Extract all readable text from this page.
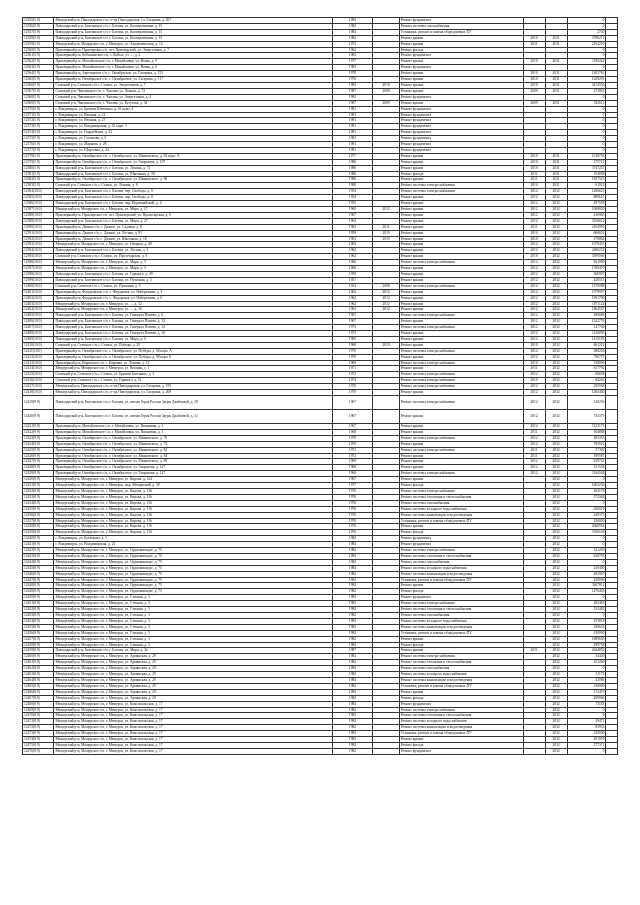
12355(5.9)	Мещерский р-н, Павлодарское с/п, ст-ца Павлодарская, ул. Гагарина, д. 207	1982		Ремонт фундамента			0	
12356(5.9)	Павлодарский р-н, Бахтинское с/п, г. Бахтин, ул. Кооперативная, д. 15	1982		Ремонт системы газоснабжения			0	
12357(5.9)	Павлодарский р-н, Бахтинское с/п, г. Бахтин, ул. Кооперативная, д. 15	1982		Установка, ремонт и замена общедомовых ПУ			2740	
12358(5.9)	Павлодарский р-н, Бахтинское с/п, г. Бахтин, ул. Кооперативная, д. 15	1982		Ремонт крыши	2010	2031	3786271	
12359(5.9)	Мещерский р-н, Мещерское с/п, г. Мещерск, ул. Академическая, д. 14	1972		Ремонт крыши	2011	2031	2164210	
12360(5.9)	Приозерный р-н, Приозерское с/п, пгт. Приозерский, ул. Энергетиков, д. 7	1962		Ремонт фасада			0	
12361(5.9)	Приозерный р-н, Кобылинское с/п, с. Кобыл, ул. ..., д. 2	1982		Ремонт фундамента			0	
12362(5.9)	Приозерный р-н, Михайловское с/п, г. Михайловка, ул. Новая, д. 9	1977		Ремонт крыши	2010	2031	1190224	
12363(5.9)	Приозерный р-н, Михайловское с/п, г. Михайловка, ул. Новая, д. 6	1983		Ремонт фундамента			0	
12364(5.9)	Приозерный р-н, Заречинское с/п, с. Октябрьское, ул. Гагарина, д. 115	1978		Ремонт крыши	2010	2031	1403763	
12365(5.9)	Приозерный р-н, Октябрьское с/п, с. Октябрьское, ул. Гагарина, д. 117	1976		Ремонт крыши	2010	2031	1429291	
12366(5.9)	Ставский р-н, Ставское с/п, г. Ставск, ул. Энергетиков, д. 7	1982	2010	Ремонт крыши	2010	2031	3412556	
12367(5.9)	Ставский р-н, Чаплинское с/п, с. Чаплин, ул. Ленина, д. 72	1987	2009	Ремонт крыши	2009	2031	273861	
12368(5.9)	Ставский р-н, Чаплинское с/п, с. Чаплин, ул. Энергетиков, д. 4	1982		Ремонт фундамента			0	
12369(5.9)	Ставский р-н, Чаплинское с/п, с. Чаплин, ул. Кутузова, д. 34	1987	2009	Ремонт крыши	2009	2031	523611	
12370(5.9)	г. Владимирск, ул. Братьев Шевченко, д. 61 корп. 4	1981		Ремонт фундамента			0	
12371(5.9)	г. Владимирск, ул. Вешняя, д. 22	1981		Ремонт фундамента			0	
12372(5.9)	г. Владимирск, ул. Вешняя, д. 27	1981		Ремонт фундамента			0	
12373(5.9)	г. Владимирск, ул. Владимирская, д. 43 корп. 1	1981		Ремонт фундамента			0	
12374(5.9)	г. Владимирск, ул. Гвардейская, д. 43	1981		Ремонт фундамента			0	
12375(5.9)	г. Владимирск, ул. Глушкова, д. 5	1981		Ремонт фундамента			0	
12376(5.9)	г. Владимирск, ул. Маркова, д. 28	1981		Ремонт фундамента			0	
12377(5.9)	г. Владимирск, ул. Щорсовая, д. 24	1981		Ремонт фундамента			0	
12378(5.9)	Приозерный р-н, Октябрьское с/п, с. Октябрьское, ул. Маяковского, д. 92 корп. А	1977		Ремонт крыши	2010	2031	1518754	
12379(5.9)	Приозерный р-н, Октябрьское с/п, с. Октябрьское, ул. Гаврилова, д. 107	1986		Ремонт крыши	2010	2031	275721	
12380(5.9)	Павлодарский р-н, Бахтинское с/п, г. Бахтин, ул. Ленина, д. 72	1980		Ремонт крыши	2010	2031	3747237	
12381(5.9)	Павлодарский р-н, Бахтинское с/п, г. Бахтин, ул. Школьная, д. 39	1986		Ремонт фасада	2011	2031	354898	
12382(5.9)	Приозерный р-н, Октябрьское с/п, с. Октябрьское, ул. Маяковского, д. 98	1986		Ремонт крыши	2011	2031	1857523	
12383(5.9)	Ставский р-н, Ставское с/п, г. Ставск, ул. Ленина, д. 8	1980		Ремонт системы электроснабжения	2010	2031	61923	
12384(10.0)	Павлодарский р-н, Бахтинское с/п, г. Бахтин, пер. Свободы, д. 9	1954		Ремонт системы электроснабжения	2012	2032	1286623	
12385(10.0)	Павлодарский р-н, Бахтинское с/п, г. Бахтин, пер. Свободы, д. 8	1954		Ремонт крыши	2012	2032	889657	
12386(10.0)	Павлодарский р-н, Бахтинское с/п, г. Бахтин, пер. Первомайский, д. 4	1955		Ремонт крыши	2012	2032	497558	
12387(10.0)	Мещерский р-н, Мещерское с/п, г. Мещерск, ул. Мира, д. 17	1960	2012	Ремонт крыши	2012	2032	1069820	
12388(10.0)	Приозерный р-н, Приозерское с/п, пгт. Приозерский, ул. Пролетарская, д. 9	1967		Ремонт крыши	2012	2032	416963	
12389(10.0)	Павлодарский р-н, Бахтинское с/п, г. Бахтин, ул. Мира, д. 27	1962		Ремонт крыши	2012	2032	3256612	
12390(10.0)	Приозерный р-н, Дачное с/п, с. Дачное, ул. Садовая, д. 8	1963	2011	Ремонт крыши	2011	2032	2164991	
12391(10.0)	Приозерный р-н, Дачное с/п, с. Дачное, ул. Лесная, д. 81	1959	2010	Ремонт крыши	2010	2032	666651	
12392(10.0)	Приозерный р-н, Дачное с/п, с. Дачное, ул. Школьная, д. 18	1961	2010	Ремонт крыши	2010	2032	278864	
12393(10.0)	Мещерский р-н, Мещерское с/п, г. Мещерск, ул. Озерная, д. 48	1963		Ремонт крыши	2012	2032	1079431	
12394(10.0)	Павлодарский р-н, Бахтинское с/п, г. Бахтин, ул. Лесная, д. 2	1962		Ремонт крыши	2012	2032	2480232	
12395(10.0)	Ставский р-н, Ставское с/п, г. Ставск, ул. Пролетарская, д. 9	1962		Ремонт крыши	2010	2032	3599566	
12396(10.0)	Мещерский р-н, Мещерское с/п, г. Мещерск, ул. Мира, д. 3	1960		Ремонт системы электроснабжения	2012	2032	261980	
12397(10.0)	Мещерский р-н, Мещерское с/п, г. Мещерск, ул. Мира, д. 3	1960		Ремонт крыши	2012	2032	1788470	
12398(10.0)	Павлодарский р-н, Бахтинское с/п, г. Бахтин, ул. Горького, д. 49	1958		Ремонт крыши	2012	2032	366997	
12399(10.0)	Павлодарский р-н, Бахтинское с/п, г. Бахтин, ул. Пушкина, д. 3	1957		Ремонт крыши	2012	2032	426515	
12400(10.0)	Ставский р-н, Ставское с/п, г. Ставск, ул. Пушкина, д. 5	1954	2008	Ремонт системы электроснабжения	2012	2032	1570088	
12401(10.0)	Приозерный р-н, Федоровское с/п, с. Федоровка, ул. Набережная, д. 4	1962	2012	Ремонт крыши	2012	2032	1079907	
12402(10.0)	Приозерный р-н, Федоровское с/п, с. Федоровка, ул. Набережная, д. 6	1962	2012	Ремонт крыши	2012	2032	1991790	
12403(10.0)	Мещерский р-н, Мещерское с/п, г. Мещерск, ул. ..., д. 12	1962	2012	Ремонт крыши	2012	2032	1871124	
12404(10.0)	Мещерский р-н, Мещерское с/п, г. Мещерск, ул. ..., д. 16	1962	2012	Ремонт крыши	2012	2032	1864507	
12405(10.0)	Павлодарский р-н, Бахтинское с/п, г. Бахтин, ул. Генерала Плиева, д. 6	1967		Ремонт системы электроснабжения	2012	2032	280686	
12406(10.0)	Павлодарский р-н, Бахтинское с/п, г. Бахтин, ул. Генерала Плиева, д. 12	1967		Ремонт крыши	2012	2032	1522776	
12407(10.0)	Павлодарский р-н, Бахтинское с/п, г. Бахтин, ул. Генерала Плиева, д. 14	1973		Ремонт системы электроснабжения	2012	2032	147746	
12408(10.0)	Павлодарский р-н, Бахтинское с/п, г. Бахтин, ул. Генерала Плиева, д. 16	1973		Ремонт крыши	2012	2032	1126095	
12409(10.0)	Павлодарский р-н, Бахтинское с/п, г. Бахтин, ул. Мира, д. 6	1965		Ремонт крыши	2012	2032	1415195	
12410(10.0)	Ставский р-н, Ставское с/п, г. Ставск, ул. Победы, д. 35	1968	2010	Ремонт крыши	2010	2032	661222	
12411(10.0)	Приозерный р-н, Октябрьское с/п, с. Октябрьское, ул. Победы, д. 98 корп. А	1970		Ремонт системы электроснабжения	2012	2032	388236	
12412(10.0)	Приозерный р-н, Октябрьское с/п, с. Октябрьское, ул. Победы, д. 98 корп. Б	1970		Ремонт крыши	2012	2032	796775	
12413(10.0)	Приозерный р-н, Кировское с/п, с. Кировка, ул. Ленина, д. 12	1968		Ремонт системы электроснабжения	2010	2032	518006	
12414(10.0)	Мещерский р-н, Мещерское с/п, г. Мещерск, ул. Вешняя, д. 1	1971		Ремонт крыши	2011	2032	617792	
12415(10.0)	Ставский р-н, Ставское с/п, г. Ставск, ул. Братьев Бахтиных, д. 3	1972		Ремонт системы электроснабжения	2012	2032	96838	
12416(10.0)	Ставский р-н, Ставское с/п, г. Ставск, ул. Горького, д. 51	1974		Ремонт системы электроснабжения	2010	2032	84242	
12417(10.0)	Мещерский р-н, Павлодарское с/п, ст-ца Павлодарская, ул. Гагарина, д. 195	1970		Ремонт системы электроснабжения	2012	2032	250568	
12418(10.0)	Мещерский р-н, Павлодарское с/п, ст-ца Павлодарская, ул. Гагарина, д. 208	1970		Ремонт крыши	2012	2032	1265460	
12419(9.9)	Павлодарский р-н, Бахтинское с/п, г. Бахтин, ул. имени Героя России Зауры Джабаевой, д. 29	1967		Ремонт системы электроснабжения	2012	2032	140256	
12420(9.9)	Павлодарский р-н, Бахтинское с/п, г. Бахтин, ул. имени Героя России Зауры Джабаевой, д. 31	1967		Ремонт крыши	2012	2032	754379	
12421(9.9)	Приозерный р-н, Михайловское с/п, г. Михайловка, ул. Вишневая, д. 2	1967		Ремонт крыши	2012	2032	1123173	
12422(9.9)	Приозерный р-н, Михайловское с/п, г. Михайловка, ул. Вишневая, д. 3	1968		Ремонт крыши	2011	2032	564888	
12423(9.9)	Приозерный р-н, Октябрьское с/п, с. Октябрьское, ул. Маяковского, д. 70	1970		Ремонт системы электроснабжения	2012	2032	492353	
12424(9.9)	Приозерный р-н, Октябрьское с/п, с. Октябрьское, ул. Маяковского, д. 72	1970		Ремонт крыши	2012	2032	782022	
12425(9.9)	Приозерный р-н, Октябрьское с/п, с. Октябрьское, ул. Маяковского, д. 82	1972		Ремонт системы электроснабжения	2011	2032	57302	
12426(9.9)	Приозерный р-н, Октябрьское с/п, с. Октябрьское, ул. Маяковского, д. 84	1972		Ремонт крыши	2011	2032	399587	
12427(9.9)	Приозерный р-н, Октябрьское с/п, с. Октябрьское, ул. Маяковского, д. 85	1969		Ремонт крыши	2012	2032	259741	
12428(9.9)	Приозерный р-н, Октябрьское с/п, с. Октябрьское, ул. Гаврилова, д. 127	1968		Ремонт крыши	2012	2032	131534	
12429(9.9)	Приозерный р-н, Октябрьское с/п, с. Октябрьское, ул. Гаврилова, д. 127	1968		Ремонт системы электроснабжения	2012	2032	1164548	
12430(8.9)	Мещерский р-н, Мещерское с/п, г. Мещерск, ул. Кирова, д. 124	1967		Ремонт крыши		2032	0	
12431(8.9)	Мещерский р-н, Мещерское с/п, г. Мещерск, мкр. Мещерский, д. 38	1977		Ремонт фасада		2032	1663236	
12432(8.9)	Мещерский р-н, Мещерское с/п, г. Мещерск, ул. Кирова, д. 116	1976		Ремонт системы электроснабжения		2032	262178	
12433(8.9)	Мещерский р-н, Мещерское с/п, г. Мещерск, ул. Кирова, д. 116	1976		Ремонт системы отопления и теплоснабжения		2032	572348	
12434(8.9)	Мещерский р-н, Мещерское с/п, г. Мещерск, ул. Кирова, д. 116	1976		Ремонт системы газоснабжения		2032	0	
12435(8.9)	Мещерский р-н, Мещерское с/п, г. Мещерск, ул. Кирова, д. 116	1976		Ремонт системы холодного водоснабжения		2032	266519	
12436(8.9)	Мещерский р-н, Мещерское с/п, г. Мещерск, ул. Кирова, д. 116	1976		Ремонт системы канализации и водоотведения		2032	249375	
12437(8.9)	Мещерский р-н, Мещерское с/п, г. Мещерск, ул. Кирова, д. 116	1976		Установка, ремонт и замена общедомовых ПУ		2032	230000	
12438(8.9)	Мещерский р-н, Мещерское с/п, г. Мещерск, ул. Кирова, д. 116	1976		Ремонт крыши		2032	2068564	
12439(8.9)	Мещерский р-н, Мещерское с/п, г. Мещерск, ул. Кирова, д. 116	1976		Ремонт фасада		2032	1166146	
12440(8.9)	г. Владимирск, ул. Бутлерова, д. 1	1982		Ремонт фундамента		2032	0	
12441(8.9)	г. Владимирск, ул. Владимирская, д. 21	1982		Ремонт фундамента		2032	0	
12442(8.9)	Мещерский р-н, Мещерское с/п, г. Мещерск, ул. Орджоникидзе, д. 75	1982		Ремонт системы электроснабжения		2032	321249	
12443(8.9)	Мещерский р-н, Мещерское с/п, г. Мещерск, ул. Орджоникидзе, д. 75	1982		Ремонт системы отопления и теплоснабжения		2032	628785	
12444(8.9)	Мещерский р-н, Мещерское с/п, г. Мещерск, ул. Орджоникидзе, д. 75	1982		Ремонт системы газоснабжения		2032	0	
12445(8.9)	Мещерский р-н, Мещерское с/п, г. Мещерск, ул. Орджоникидзе, д. 75	1982		Ремонт системы холодного водоснабжения		2032	236400	
12446(8.9)	Мещерский р-н, Мещерское с/п, г. Мещерск, ул. Орджоникидзе, д. 75	1982		Ремонт системы канализации и водоотведения		2032	282997	
12447(8.9)	Мещерский р-н, Мещерское с/п, г. Мещерск, ул. Орджоникидзе, д. 75	1982		Установка, ремонт и замена общедомовых ПУ		2032	230000	
12448(8.9)	Мещерский р-н, Мещерское с/п, г. Мещерск, ул. Орджоникидзе, д. 75	1982		Ремонт крыши		2032	3267811	
12449(8.9)	Мещерский р-н, Мещерское с/п, г. Мещерск, ул. Орджоникидзе, д. 75	1982		Ремонт фасада		2032	1276403	
12450(8.9)	Мещерский р-н, Мещерское с/п, г. Мещерск, ул. Степная, д. 3	1982		Ремонт фундамента		2032	0	
12451(8.9)	Мещерский р-н, Мещерское с/п, г. Мещерск, ул. Степная, д. 3	1982		Ремонт системы электроснабжения		2032	282465	
12452(8.9)	Мещерский р-н, Мещерское с/п, г. Мещерск, ул. Степная, д. 3	1982		Ремонт системы отопления и теплоснабжения		2032	532485	
12453(8.9)	Мещерский р-н, Мещерское с/п, г. Мещерск, ул. Степная, д. 3	1982		Ремонт системы газоснабжения		2032	0	
12454(8.9)	Мещерский р-н, Мещерское с/п, г. Мещерск, ул. Степная, д. 3	1982		Ремонт системы холодного водоснабжения		2032	193818	
12455(8.9)	Мещерский р-н, Мещерское с/п, г. Мещерск, ул. Степная, д. 3	1982		Ремонт системы канализации и водоотведения		2032	256632	
12456(8.9)	Мещерский р-н, Мещерское с/п, г. Мещерск, ул. Степная, д. 3	1982		Установка, ремонт и замена общедомовых ПУ		2032	230000	
12457(8.9)	Мещерский р-н, Мещерское с/п, г. Мещерск, ул. Степная, д. 3	1982		Ремонт крыши		2032	1085695	
12458(8.9)	Мещерский р-н, Мещерское с/п, г. Мещерск, ул. Степная, д. 3	1982		Ремонт фасада		2032	299758	
12459(8.9)	Павлодарский р-н, Бахтинское с/п, г. Бахтин, ул. Мира, д. 34	1987		Ремонт крыши	2011	2032	2644852	
12460(8.9)	Мещерский р-н, Мещерское с/п, г. Мещерск, ул. Армянская, д. 29	1982		Ремонт системы электроснабжения		2032	34420	
12461(8.9)	Мещерский р-н, Мещерское с/п, г. Мещерск, ул. Армянская, д. 29	1982		Ремонт системы отопления и теплоснабжения		2032	103260	
12462(8.9)	Мещерский р-н, Мещерское с/п, г. Мещерск, ул. Армянская, д. 29	1982		Ремонт системы газоснабжения		2032	0	
12463(8.9)	Мещерский р-н, Мещерское с/п, г. Мещерск, ул. Армянская, д. 29	1982		Ремонт системы холодного водоснабжения		2032	31175	
12464(8.9)	Мещерский р-н, Мещерское с/п, г. Мещерск, ул. Армянская, д. 29	1982		Ремонт системы канализации и водоотведения		2032	42086	
12465(8.9)	Мещерский р-н, Мещерское с/п, г. Мещерск, ул. Армянская, д. 29	1982		Установка, ремонт и замена общедомовых ПУ		2032	230000	
12466(8.9)	Мещерский р-н, Мещерское с/п, г. Мещерск, ул. Армянская, д. 29	1982		Ремонт крыши		2032	372476	
12467(8.9)	Мещерский р-н, Мещерское с/п, г. Мещерск, ул. Армянская, д. 29	1982		Ремонт фасада		2032	209966	
12468(8.9)	Мещерский р-н, Мещерское с/п, г. Мещерск, ул. Комсомольская, д. 17	1982		Ремонт фундамента		2032	73181	
12469(8.9)	Мещерский р-н, Мещерское с/п, г. Мещерск, ул. Комсомольская, д. 17	1982		Ремонт системы электроснабжения		2032	0	
12470(8.9)	Мещерский р-н, Мещерское с/п, г. Мещерск, ул. Комсомольская, д. 17	1982		Ремонт системы отопления и теплоснабжения		2032	0	
12471(8.9)	Мещерский р-н, Мещерское с/п, г. Мещерск, ул. Комсомольская, д. 17	1982		Ремонт системы холодного водоснабжения		2032	49471	
12472(8.9)	Мещерский р-н, Мещерское с/п, г. Мещерск, ул. Комсомольская, д. 17	1982		Ремонт системы канализации и водоотведения		2032	83933	
12473(8.9)	Мещерский р-н, Мещерское с/п, г. Мещерск, ул. Комсомольская, д. 17	1982		Установка, ремонт и замена общедомовых ПУ		2032	230000	
12474(8.9)	Мещерский р-н, Мещерское с/п, г. Мещерск, ул. Комсомольская, д. 17	1982		Ремонт крыши		2032	491059	
12475(8.9)	Мещерский р-н, Мещерское с/п, г. Мещерск, ул. Комсомольская, д. 17	1982		Ремонт фасада		2032	277371	
12476(8.9)	Мещерский р-н, Мещерское с/п, г. Мещерск, ул. Комсомольская, д. 17	1982		Ремонт фундамента		2032	0	
